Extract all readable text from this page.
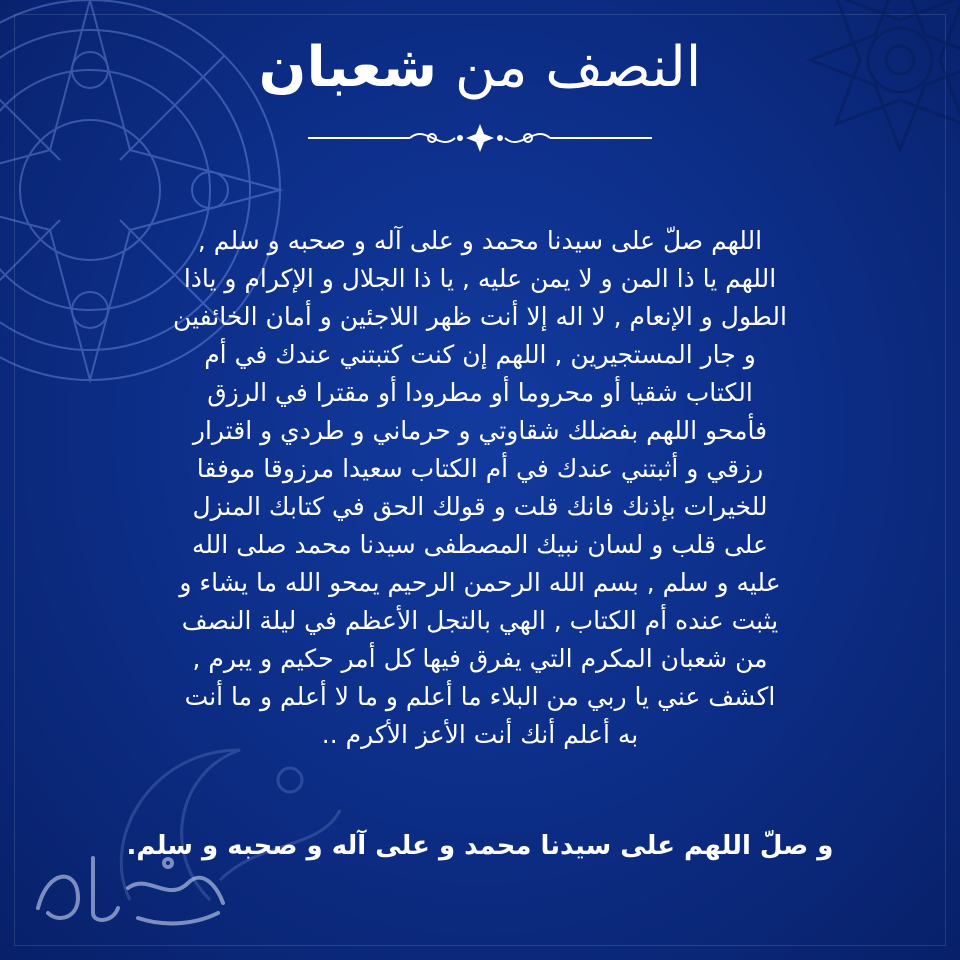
النصف من شعبان
اللهم صلّ على سيدنا محمد و على آله و صحبه و سلم ,
اللهم يا ذا المن و لا يمن عليه , يا ذا الجلال و الإكرام و ياذا
الطول و الإنعام , لا اله إلا أنت ظهر اللاجئين و أمان الخائفين
و جار المستجيرين , اللهم إن كنت كتبتني عندك في أم
الكتاب شقيا أو محروما أو مطرودا أو مقترا في الرزق
فأمحو اللهم بفضلك شقاوتي و حرماني و طردي و اقترار
رزقي و أثبتني عندك في أم الكتاب سعيدا مرزوقا موفقا
للخيرات بإذنك فانك قلت و قولك الحق في كتابك المنزل
على قلب و لسان نبيك المصطفى سيدنا محمد صلى الله
عليه و سلم , بسم الله الرحمن الرحيم يمحو الله ما يشاء و
يثبت عنده أم الكتاب , الهي بالتجل الأعظم في ليلة النصف
من شعبان المكرم التي يفرق فيها كل أمر حكيم و يبرم ,
اكشف عني يا ربي من البلاء ما أعلم و ما لا أعلم و ما أنت
به أعلم أنك أنت الأعز الأكرم ..
و صلّ اللهم على سيدنا محمد و على آله و صحبه و سلم.
